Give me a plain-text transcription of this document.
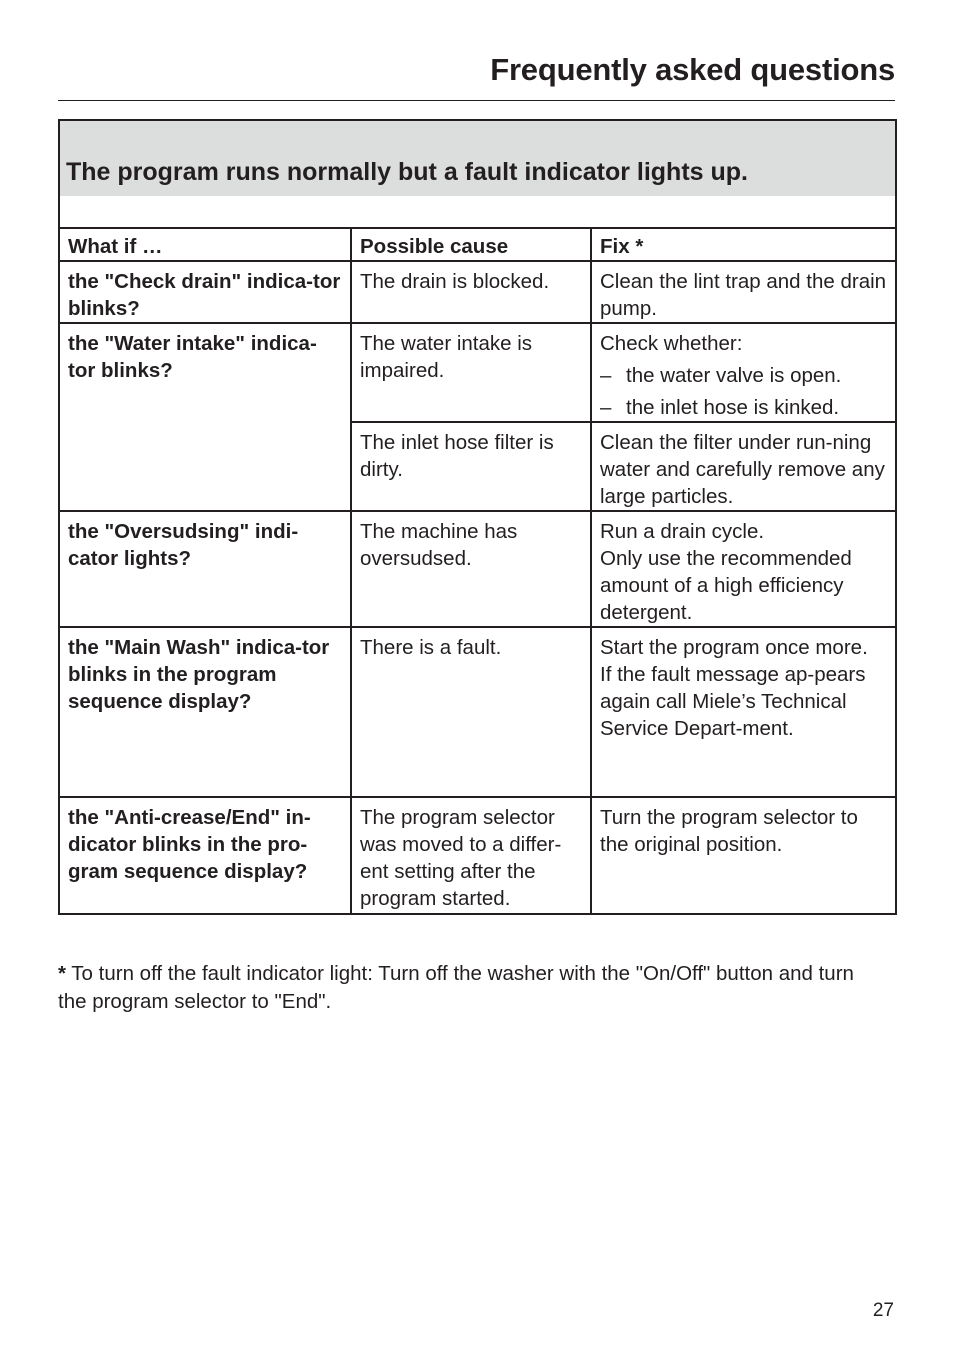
Frequently asked questions
The program runs normally but a fault indicator lights up.		

What if …	Possible cause	Fix *
the "Check drain" indica-tor blinks?	The drain is blocked.	Clean the lint trap and the drain pump.
the "Water intake" indica-tor blinks?	The water intake is impaired.	Check whether:
– the water valve is open.
– the inlet hose is kinked.

	The inlet hose filter is dirty.	Clean the filter under run-ning water and carefully remove any large particles.
the "Oversudsing" indi-cator lights?	The machine has oversudsed.	Run a drain cycle.
Only use the recommended amount of a high efficiency detergent.

the "Main Wash" indica-tor blinks in the program sequence display?	There is a fault.	Start the program once more.
If the fault message ap-pears again call Miele’s Technical Service Depart-ment.

the "Anti-crease/End" in-dicator blinks in the pro-gram sequence display?	The program selector was moved to a differ-ent setting after the program started.	Turn the program selector to the original position.
* To turn off the fault indicator light: Turn off the washer with the "On/Off" button and turn the program selector to "End".
27
